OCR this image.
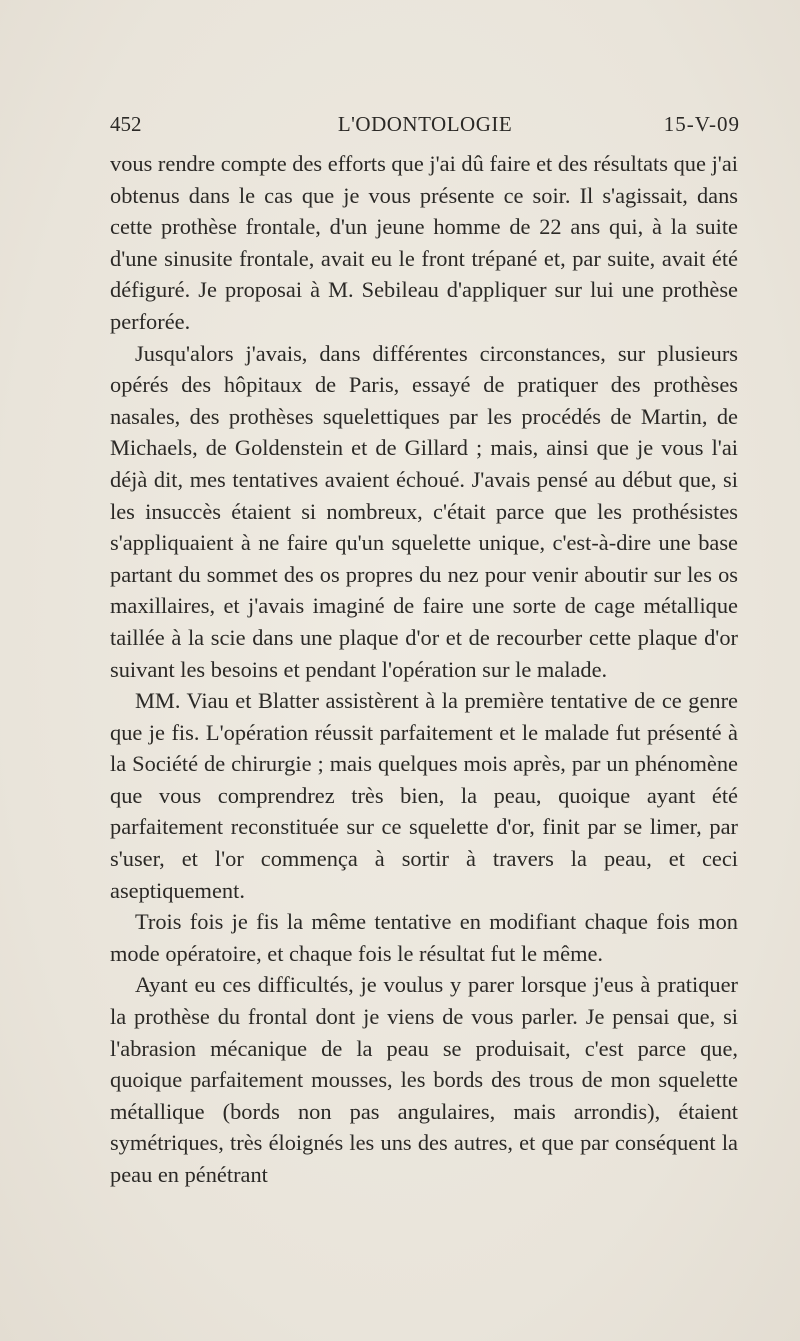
452	L'ODONTOLOGIE	15-V-09

vous rendre compte des efforts que j'ai dû faire et des résultats que j'ai obtenus dans le cas que je vous présente ce soir. Il s'agissait, dans cette prothèse frontale, d'un jeune homme de 22 ans qui, à la suite d'une sinusite frontale, avait eu le front trépané et, par suite, avait été défiguré. Je proposai à M. Sebileau d'appliquer sur lui une prothèse perforée.

Jusqu'alors j'avais, dans différentes circonstances, sur plusieurs opérés des hôpitaux de Paris, essayé de pratiquer des prothèses nasales, des prothèses squelettiques par les procédés de Martin, de Michaels, de Goldenstein et de Gillard ; mais, ainsi que je vous l'ai déjà dit, mes tentatives avaient échoué. J'avais pensé au début que, si les insuccès étaient si nombreux, c'était parce que les prothésistes s'appliquaient à ne faire qu'un squelette unique, c'est-à-dire une base partant du sommet des os propres du nez pour venir aboutir sur les os maxillaires, et j'avais imaginé de faire une sorte de cage métallique taillée à la scie dans une plaque d'or et de recourber cette plaque d'or suivant les besoins et pendant l'opération sur le malade.

MM. Viau et Blatter assistèrent à la première tentative de ce genre que je fis. L'opération réussit parfaitement et le malade fut présenté à la Société de chirurgie ; mais quelques mois après, par un phénomène que vous comprendrez très bien, la peau, quoique ayant été parfaitement reconstituée sur ce squelette d'or, finit par se limer, par s'user, et l'or commença à sortir à travers la peau, et ceci aseptiquement.

Trois fois je fis la même tentative en modifiant chaque fois mon mode opératoire, et chaque fois le résultat fut le même.

Ayant eu ces difficultés, je voulus y parer lorsque j'eus à pratiquer la prothèse du frontal dont je viens de vous parler. Je pensai que, si l'abrasion mécanique de la peau se produisait, c'est parce que, quoique parfaitement mousses, les bords des trous de mon squelette métallique (bords non pas angulaires, mais arrondis), étaient symétriques, très éloignés les uns des autres, et que par conséquent la peau en pénétrant
